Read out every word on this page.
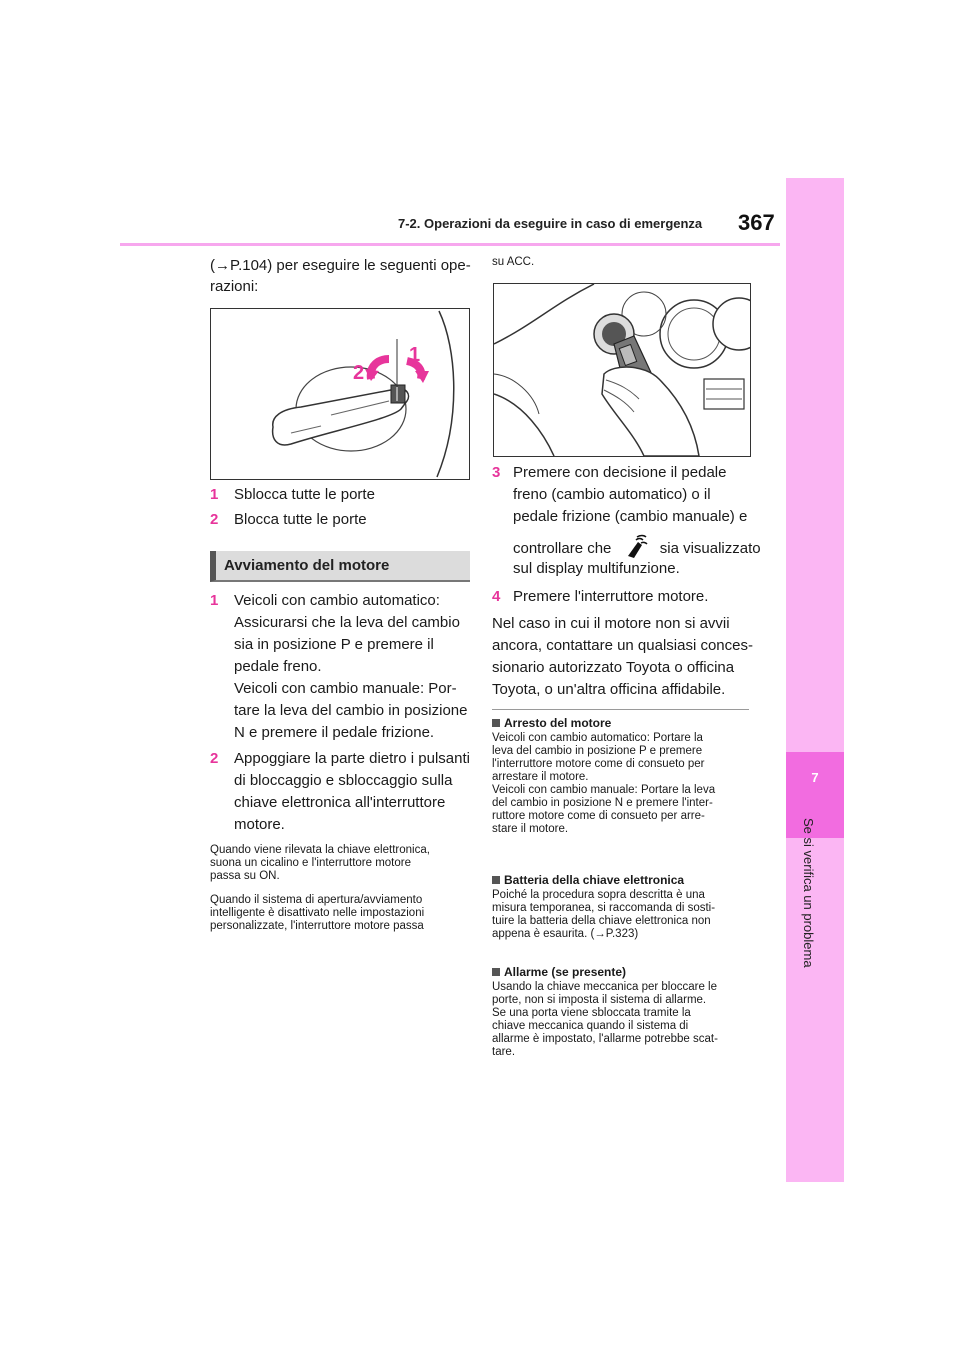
7-2. Operazioni da eseguire in caso di emergenza 367
7
Se si verifica un problema
(→P.104) per eseguire le seguenti ope-
razioni:
2
1
1 Sblocca tutte le porte
2 Blocca tutte le porte
Avviamento del motore
1 Veicoli con cambio automatico:
Assicurarsi che la leva del cambio
sia in posizione P e premere il
pedale freno.
Veicoli con cambio manuale: Por-
tare la leva del cambio in posizione
N e premere il pedale frizione.
2 Appoggiare la parte dietro i pulsanti
di bloccaggio e sbloccaggio sulla
chiave elettronica all'interruttore
motore.
Quando viene rilevata la chiave elettronica,
suona un cicalino e l'interruttore motore
passa su ON.
Quando il sistema di apertura/avviamento
intelligente è disattivato nelle impostazioni
personalizzate, l'interruttore motore passa
su ACC.
3 Premere con decisione il pedale
freno (cambio automatico) o il
pedale frizione (cambio manuale) e
controllare che	sia visualizzato
sul display multifunzione.
4 Premere l'interruttore motore.
Nel caso in cui il motore non si avvii
ancora, contattare un qualsiasi conces-
sionario autorizzato Toyota o officina
Toyota, o un'altra officina affidabile.
Arresto del motore
Veicoli con cambio automatico: Portare la
leva del cambio in posizione P e premere
l'interruttore motore come di consueto per
arrestare il motore.
Veicoli con cambio manuale: Portare la leva
del cambio in posizione N e premere l'inter-
ruttore motore come di consueto per arre-
stare il motore.
Batteria della chiave elettronica
Poiché la procedura sopra descritta è una
misura temporanea, si raccomanda di sosti-
tuire la batteria della chiave elettronica non
appena è esaurita. (→P.323)
Allarme (se presente)
Usando la chiave meccanica per bloccare le
porte, non si imposta il sistema di allarme.
Se una porta viene sbloccata tramite la
chiave meccanica quando il sistema di
allarme è impostato, l'allarme potrebbe scat-
tare.
